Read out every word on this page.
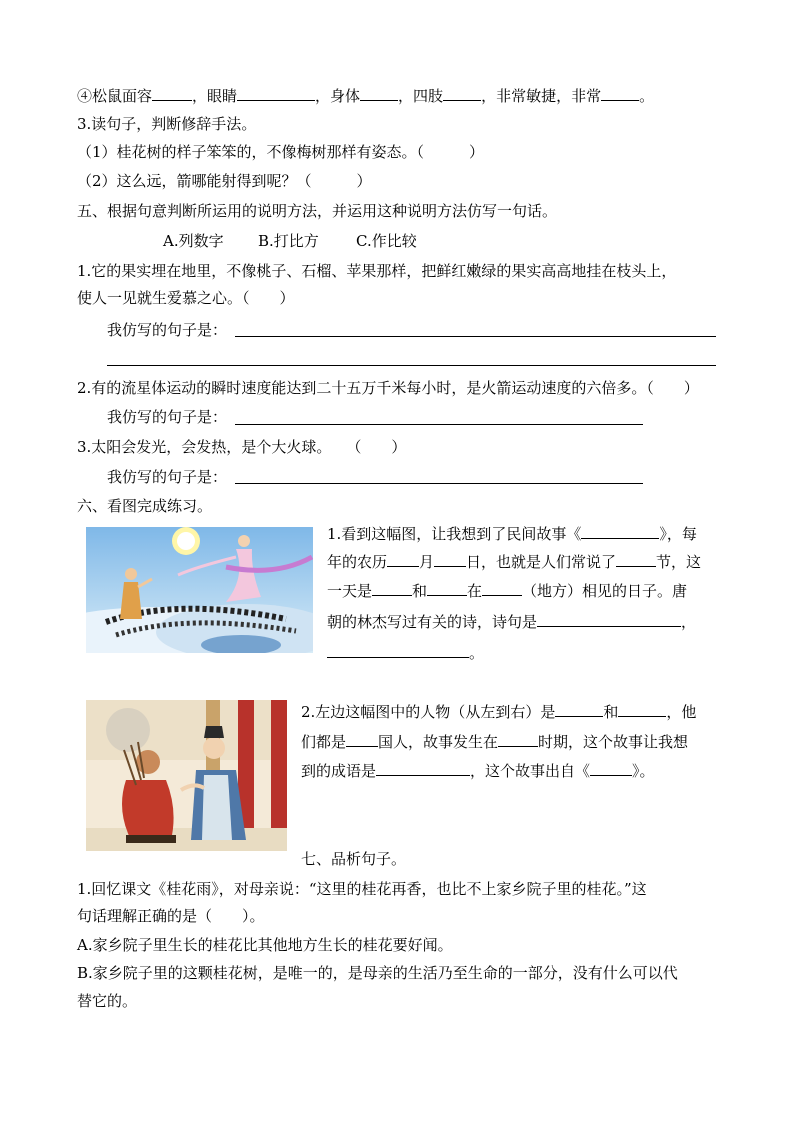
④松鼠面容	，眼睛	，身体	，四肢	，非常敏捷，非常	。
3.读句子，判断修辞手法。
（1）桂花树的样子笨笨的，不像梅树那样有姿态。（　　　）
（2）这么远，箭哪能射得到呢？（　　　）
五、根据句意判断所运用的说明方法，并运用这种说明方法仿写一句话。
A.列数字 B.打比方 C.作比较
1.它的果实埋在地里，不像桃子、石榴、苹果那样，把鲜红嫩绿的果实高高地挂在枝头上，
使人一见就生爱慕之心。（　　）
我仿写的句子是：
2.有的流星体运动的瞬时速度能达到二十五万千米每小时，是火箭运动速度的六倍多。（　　）
我仿写的句子是：
3.太阳会发光，会发热，是个大火球。　　（　　）
我仿写的句子是：
六、看图完成练习。
1.看到这幅图，让我想到了民间故事《	》，每
年的农历 月 日，也就是人们常说了	节，这
一天是	和	在	（地方）相见的日子。唐
朝的林杰写过有关的诗，诗句是	，
。
2.左边这幅图中的人物（从左到右）是	和	，他
们都是 国人，故事发生在	时期，这个故事让我想
到的成语是	，这个故事出自《	》。
七、品析句子。
1.回忆课文《桂花雨》，对母亲说：“这里的桂花再香，也比不上家乡院子里的桂花。”这
句话理解正确的是（　　）。
A.家乡院子里生长的桂花比其他地方生长的桂花要好闻。
B.家乡院子里的这颗桂花树，是唯一的，是母亲的生活乃至生命的一部分，没有什么可以代
替它的。
